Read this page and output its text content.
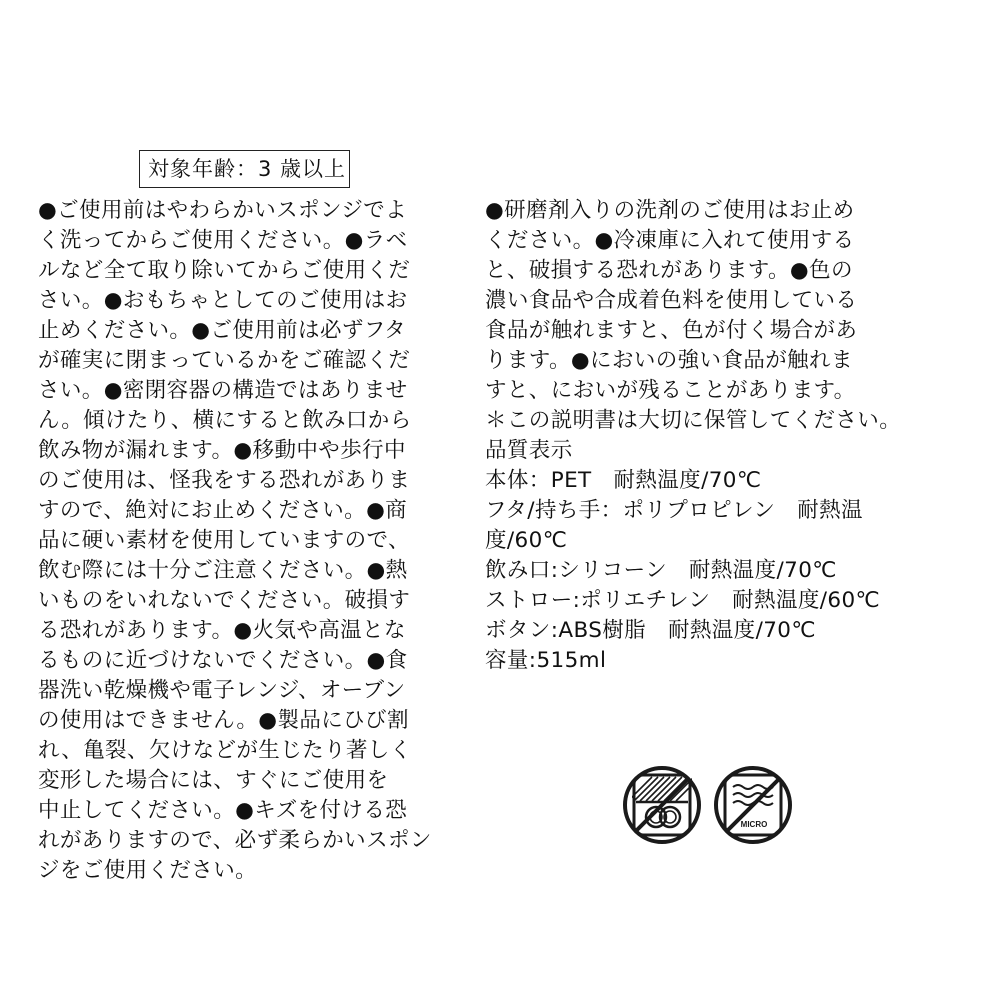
対象年齢：3 歳以上
●ご使用前はやわらかいスポンジでよ
く洗ってからご使用ください。●ラベ
ルなど全て取り除いてからご使用くだ
さい。●おもちゃとしてのご使用はお
止めください。●ご使用前は必ずフタ
が確実に閉まっているかをご確認くだ
さい。●密閉容器の構造ではありませ
ん。傾けたり、横にすると飲み口から
飲み物が漏れます。●移動中や歩行中
のご使用は、怪我をする恐れがありま
すので、絶対にお止めください。●商
品に硬い素材を使用していますので、
飲む際には十分ご注意ください。●熱
いものをいれないでください。破損す
る恐れがあります。●火気や高温とな
るものに近づけないでください。●食
器洗い乾燥機や電子レンジ、オーブン
の使用はできません。●製品にひび割
れ、亀裂、欠けなどが生じたり著しく
変形した場合には、すぐにご使用を
中止してください。●キズを付ける恐
れがありますので、必ず柔らかいスポン
ジをご使用ください。
●研磨剤入りの洗剤のご使用はお止め
ください。●冷凍庫に入れて使用する
と、破損する恐れがあります。●色の
濃い食品や合成着色料を使用している
食品が触れますと、色が付く場合があ
ります。●においの強い食品が触れま
すと、においが残ることがあります。
＊この説明書は大切に保管してください。
品質表示
本体：PET　耐熱温度/70℃
フタ/持ち手：ポリプロピレン　耐熱温
度/60℃
飲み口:シリコーン　耐熱温度/70℃
ストロー:ポリエチレン　耐熱温度/60℃
ボタン:ABS樹脂　耐熱温度/70℃
容量:515ml
MICRO
